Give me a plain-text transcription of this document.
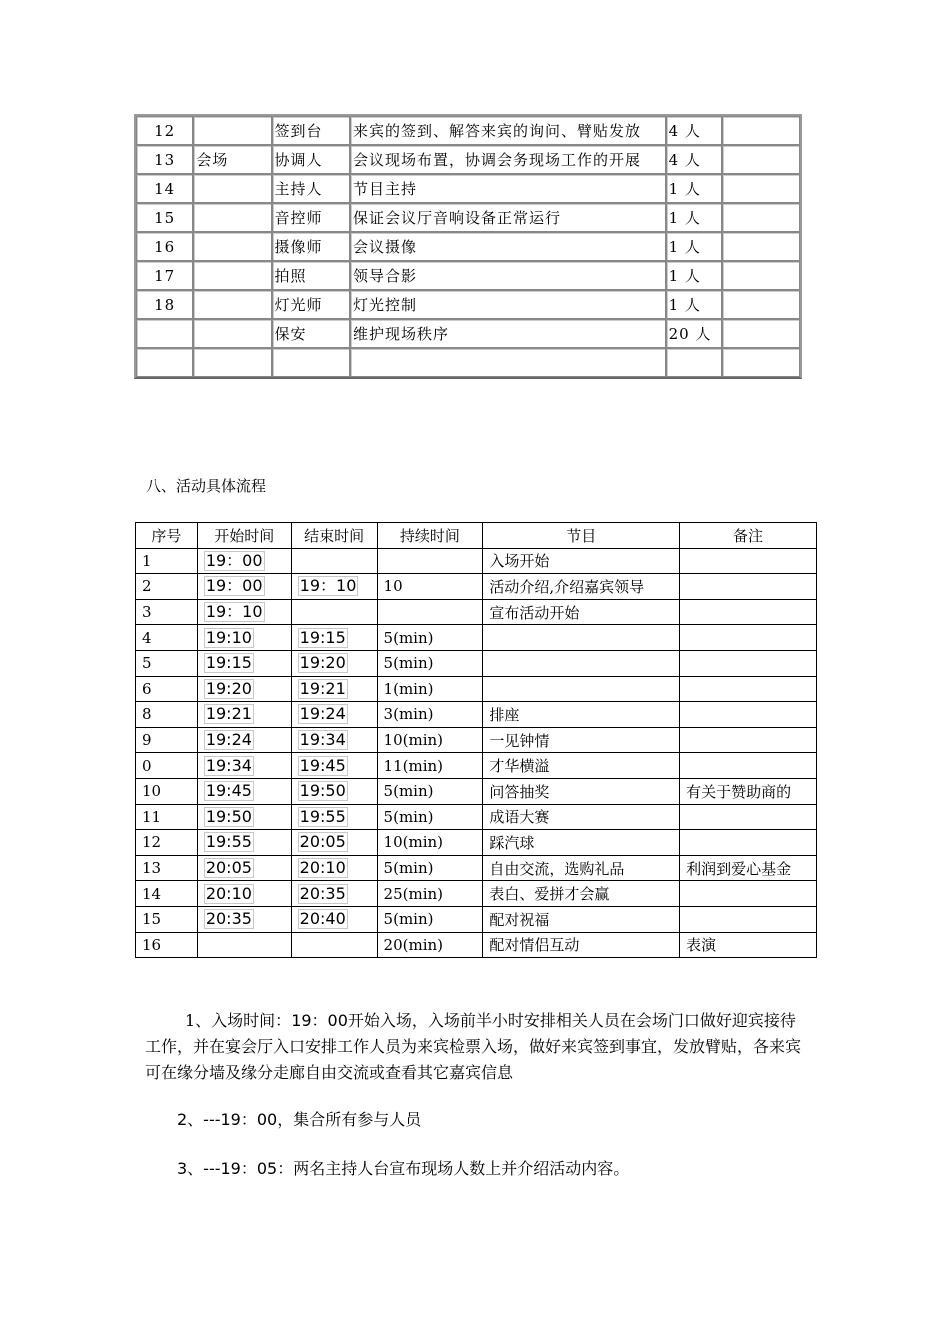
12		签到台	来宾的签到、解答来宾的询问、臂贴发放	4 人	
13	会场	协调人	会议现场布置，协调会务现场工作的开展	4 人	
14		主持人	节目主持	1 人	
15		音控师	保证会议厅音响设备正常运行	1 人	
16		摄像师	会议摄像	1 人	
17		拍照	领导合影	1 人	
18		灯光师	灯光控制	1 人	
		保安	维护现场秩序	20 人	

八、活动具体流程
序号	开始时间	结束时间	持续时间	节目	备注
1	19：00			入场开始	
2	19：00	19：10	10	活动介绍,介绍嘉宾领导	
3	19：10			宣布活动开始	
4	19:10	19:15	5(min)		
5	19:15	19:20	5(min)		
6	19:20	19:21	1(min)		
8	19:21	19:24	3(min)	排座	
9	19:24	19:34	10(min)	一见钟情	
0	19:34	19:45	11(min)	才华横溢	
10	19:45	19:50	5(min)	问答抽奖	有关于赞助商的
11	19:50	19:55	5(min)	成语大赛	
12	19:55	20:05	10(min)	踩汽球	
13	20:05	20:10	5(min)	自由交流，选购礼品	利润到爱心基金
14	20:10	20:35	25(min)	表白、爱拼才会赢	
15	20:35	20:40	5(min)	配对祝福	
16			20(min)	配对情侣互动	表演
1、入场时间：19：00开始入场，入场前半小时安排相关人员在会场门口做好迎宾接待工作，并在宴会厅入口安排工作人员为来宾检票入场，做好来宾签到事宜，发放臂贴，各来宾可在缘分墙及缘分走廊自由交流或查看其它嘉宾信息
2、---19：00，集合所有参与人员
3、---19：05：两名主持人台宣布现场人数上并介绍活动内容。
